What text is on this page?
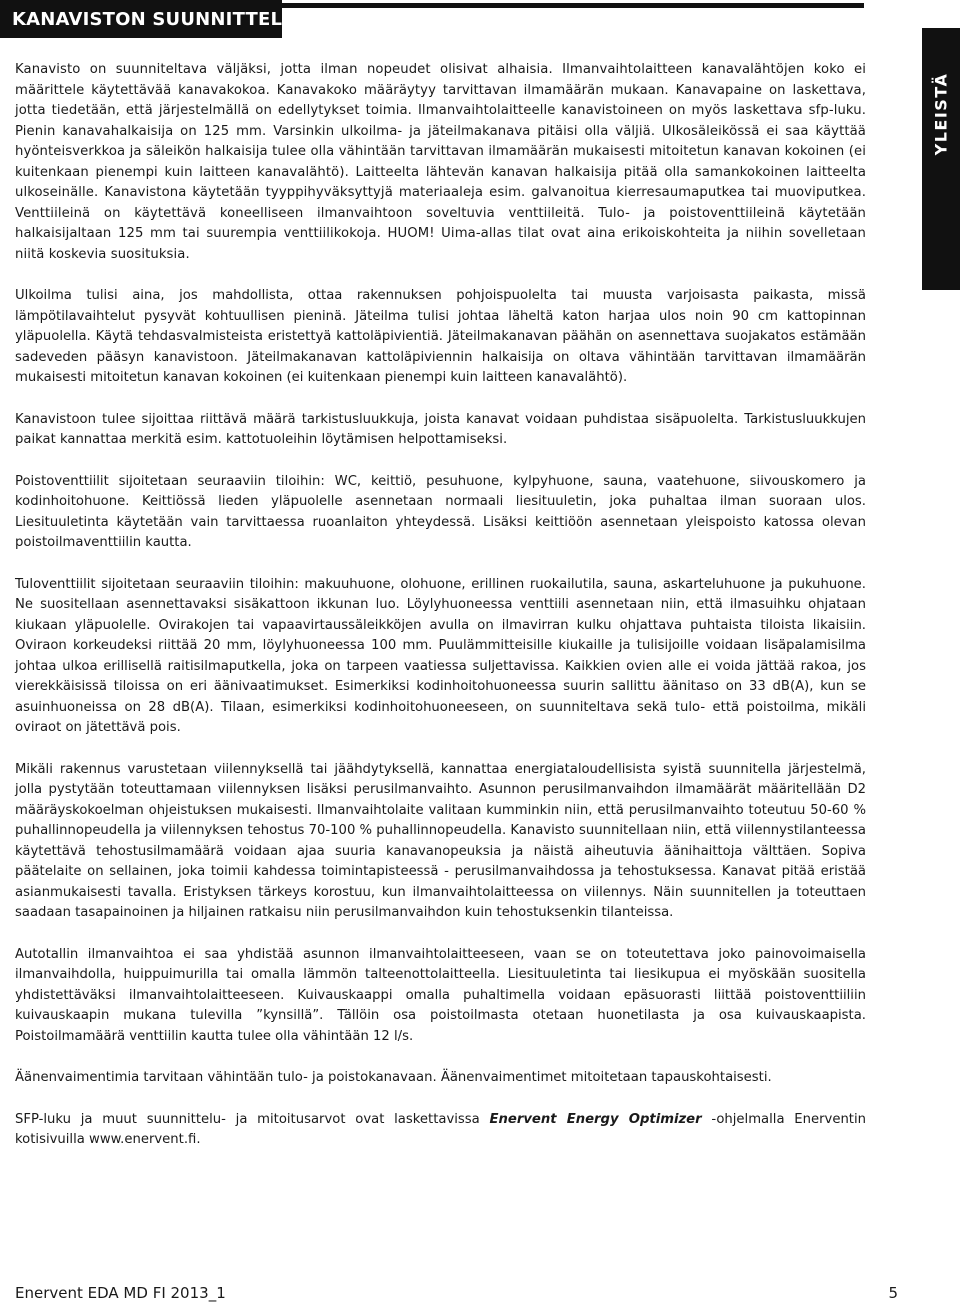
KANAVISTON SUUNNITTELU
YLEISTÄ

Kanavisto on suunniteltava väljäksi, jotta ilman nopeudet olisivat alhaisia. Ilmanvaihtolaitteen kanavalähtöjen koko ei määrittele käytettävää kanavakokoa. Kanavakoko määräytyy tarvittavan ilmamäärän mukaan. Kanavapaine on laskettava, jotta tiedetään, että järjestelmällä on edellytykset toimia. Ilmanvaihtolaitteelle kanavistoineen on myös laskettava sfp-luku. Pienin kanavahalkaisija on 125 mm. Varsinkin ulkoilma- ja jäteilmakanava pitäisi olla väljiä. Ulkosäleikössä ei saa käyttää hyönteisverkkoa ja säleikön halkaisija tulee olla vähintään tarvittavan ilmamäärän mukaisesti mitoitetun kanavan kokoinen (ei kuitenkaan pienempi kuin laitteen kanavalähtö). Laitteelta lähtevän kanavan halkaisija pitää olla samankokoinen laitteelta ulkoseinälle. Kanavistona käytetään tyyppihyväksyttyjä materiaaleja esim. galvanoitua kierresaumaputkea tai muoviputkea. Venttiileinä on käytettävä koneelliseen ilmanvaihtoon soveltuvia venttiileitä. Tulo- ja poistoventtiileinä käytetään halkaisijaltaan 125 mm tai suurempia venttiilikokoja. HUOM! Uima-allas tilat ovat aina erikoiskohteita ja niihin sovelletaan niitä koskevia suosituksia.

Ulkoilma tulisi aina, jos mahdollista, ottaa rakennuksen pohjoispuolelta tai muusta varjoisasta paikasta, missä lämpötilavaihtelut pysyvät kohtuullisen pieninä. Jäteilma tulisi johtaa läheltä katon harjaa ulos noin 90 cm kattopinnan yläpuolella. Käytä tehdasvalmisteista eristettyä kattoläpivientiä. Jäteilmakanavan päähän on asennettava suojakatos estämään sadeveden pääsyn kanavistoon. Jäteilmakanavan kattoläpiviennin halkaisija on oltava vähintään tarvittavan ilmamäärän mukaisesti mitoitetun kanavan kokoinen (ei kuitenkaan pienempi kuin laitteen kanavalähtö).

Kanavistoon tulee sijoittaa riittävä määrä tarkistusluukkuja, joista kanavat voidaan puhdistaa sisäpuolelta. Tarkistusluukkujen paikat kannattaa merkitä esim. kattotuoleihin löytämisen helpottamiseksi.

Poistoventtiilit sijoitetaan seuraaviin tiloihin: WC, keittiö, pesuhuone, kylpyhuone, sauna, vaatehuone, siivouskomero ja kodinhoitohuone. Keittiössä lieden yläpuolelle asennetaan normaali liesituuletin, joka puhaltaa ilman suoraan ulos. Liesituuletinta käytetään vain tarvittaessa ruoanlaiton yhteydessä. Lisäksi keittiöön asennetaan yleispoisto katossa olevan poistoilmaventtiilin kautta.

Tuloventtiilit sijoitetaan seuraaviin tiloihin: makuuhuone, olohuone, erillinen ruokailutila, sauna, askarteluhuone ja pukuhuone. Ne suositellaan asennettavaksi sisäkattoon ikkunan luo. Löylyhuoneessa venttiili asennetaan niin, että ilmasuihku ohjataan kiukaan yläpuolelle. Ovirakojen tai vapaavirtaussäleikköjen avulla on ilmavirran kulku ohjattava puhtaista tiloista likaisiin. Oviraon korkeudeksi riittää 20 mm, löylyhuoneessa 100 mm. Puulämmitteisille kiukaille ja tulisijoille voidaan lisäpalamisilma johtaa ulkoa erillisellä raitisilmaputkella, joka on tarpeen vaatiessa suljettavissa. Kaikkien ovien alle ei voida jättää rakoa, jos vierekkäisissä tiloissa on eri äänivaatimukset. Esimerkiksi kodinhoitohuoneessa suurin sallittu äänitaso on 33 dB(A), kun se asuinhuoneissa on 28 dB(A). Tilaan, esimerkiksi kodinhoitohuoneeseen, on suunniteltava sekä tulo- että poistoilma, mikäli oviraot on jätettävä pois.

Mikäli rakennus varustetaan viilennyksellä tai jäähdytyksellä, kannattaa energiataloudellisista syistä suunnitella järjestelmä, jolla pystytään toteuttamaan viilennyksen lisäksi perusilmanvaihto. Asunnon perusilmanvaihdon ilmamäärät määritellään D2 määräyskokoelman ohjeistuksen mukaisesti. Ilmanvaihtolaite valitaan kumminkin niin, että perusilmanvaihto toteutuu 50-60 % puhallinnopeudella ja viilennyksen tehostus 70-100 % puhallinnopeudella. Kanavisto suunnitellaan niin, että viilennystilanteessa käytettävä tehostusilmamäärä voidaan ajaa suuria kanavanopeuksia ja näistä aiheutuvia äänihaittoja välttäen. Sopiva päätelaite on sellainen, joka toimii kahdessa toimintapisteessä - perusilmanvaihdossa ja tehostuksessa. Kanavat pitää eristää asianmukaisesti tavalla. Eristyksen tärkeys korostuu, kun ilmanvaihtolaitteessa on viilennys. Näin suunnitellen ja toteuttaen saadaan tasapainoinen ja hiljainen ratkaisu niin perusilmanvaihdon kuin tehostuksenkin tilanteissa.

Autotallin ilmanvaihtoa ei saa yhdistää asunnon ilmanvaihtolaitteeseen, vaan se on toteutettava joko painovoimaisella ilmanvaihdolla, huippuimurilla tai omalla lämmön talteenottolaitteella. Liesituuletinta tai liesikupua ei myöskään suositella yhdistettäväksi ilmanvaihtolaitteeseen. Kuivauskaappi omalla puhaltimella voidaan epäsuorasti liittää poistoventtiiliin kuivauskaapin mukana tulevilla ”kynsillä”. Tällöin osa poistoilmasta otetaan huonetilasta ja osa kuivauskaapista. Poistoilmamäärä venttiilin kautta tulee olla vähintään 12 l/s.

Äänenvaimentimia tarvitaan vähintään tulo- ja poistokanavaan. Äänenvaimentimet mitoitetaan tapauskohtaisesti.

SFP-luku ja muut suunnittelu- ja mitoitusarvot ovat laskettavissa Enervent Energy Optimizer -ohjelmalla Enerventin kotisivuilla www.enervent.fi.

Enervent EDA MD FI 2013_1	5
